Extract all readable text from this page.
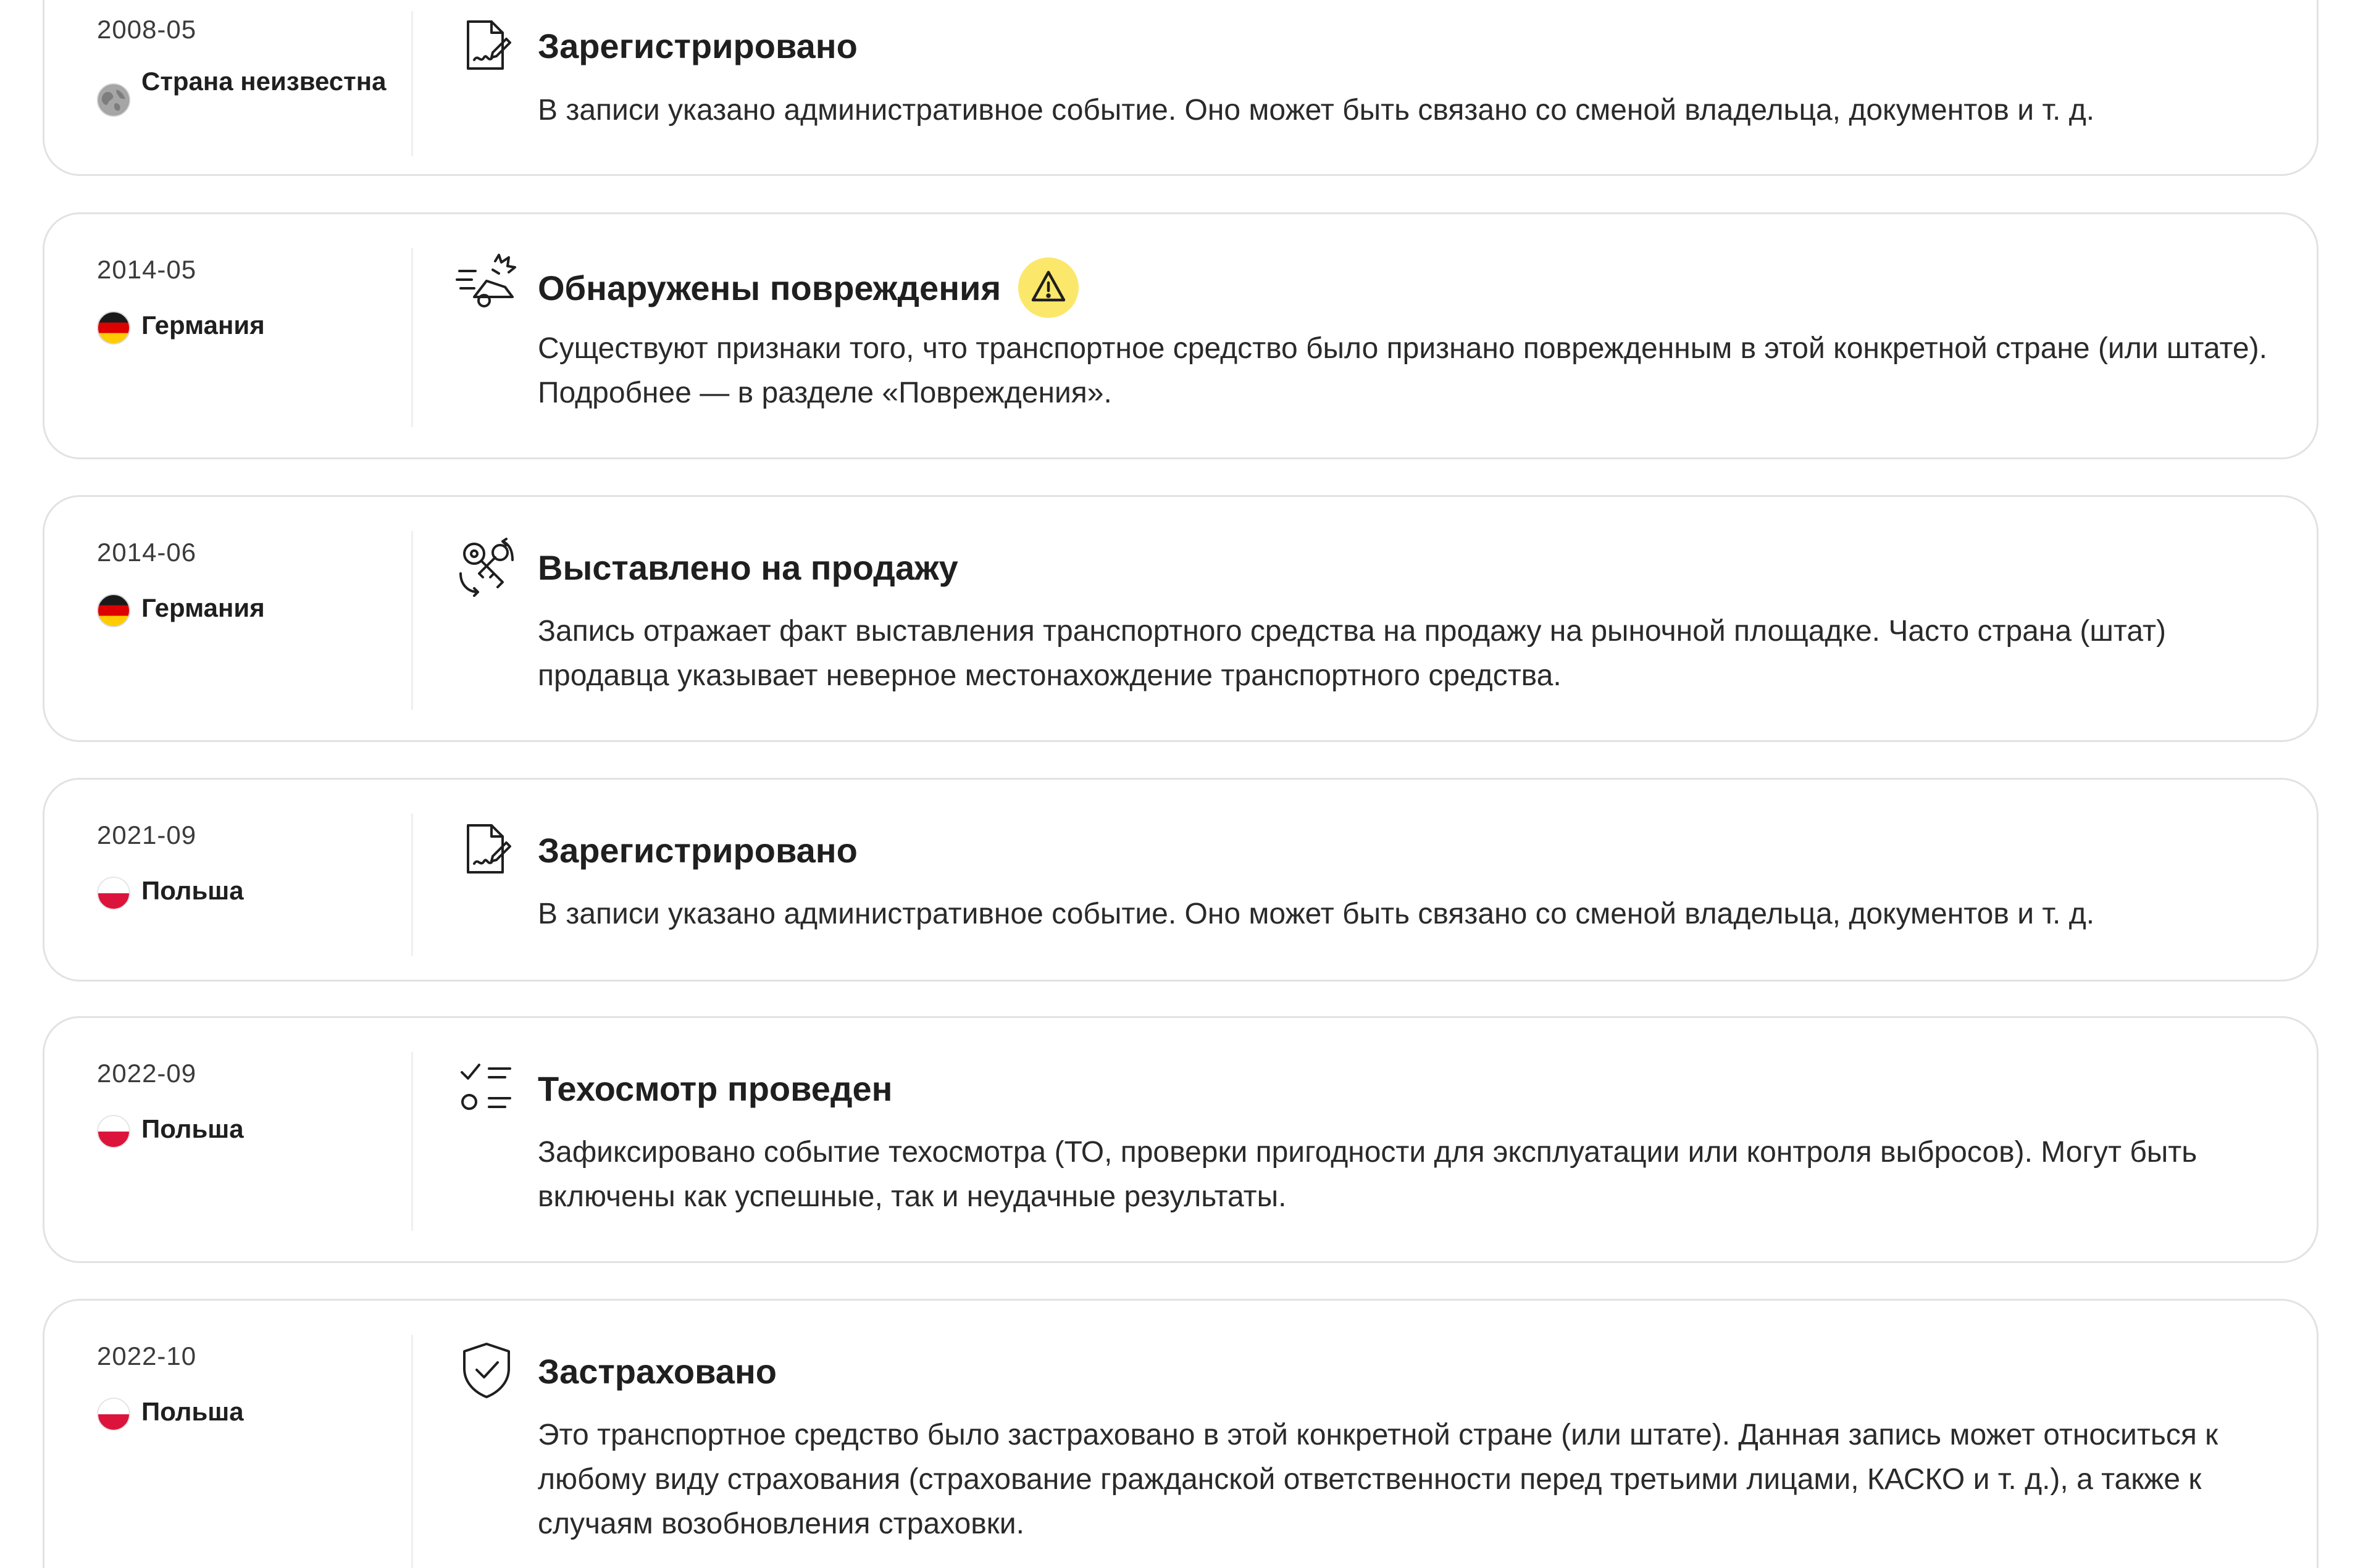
2008-05
Страна неизвестна
Зарегистрировано
В записи указано административное событие. Оно может быть связано со сменой владельца, документов и т. д.
2014-05
Германия
Обнаружены повреждения
Существуют признаки того, что транспортное средство было признано поврежденным в этой конкретной стране (или штате). Подробнее — в разделе «Повреждения».
2014-06
Германия
Выставлено на продажу
Запись отражает факт выставления транспортного средства на продажу на рыночной площадке. Часто страна (штат) продавца указывает неверное местонахождение транспортного средства.
2021-09
Польша
Зарегистрировано
В записи указано административное событие. Оно может быть связано со сменой владельца, документов и т. д.
2022-09
Польша
Техосмотр проведен
Зафиксировано событие техосмотра (ТО, проверки пригодности для эксплуатации или контроля выбросов). Могут быть включены как успешные, так и неудачные результаты.
2022-10
Польша
Застраховано
Это транспортное средство было застраховано в этой конкретной стране (или штате). Данная запись может относиться к любому виду страхования (страхование гражданской ответственности перед третьими лицами, КАСКО и т. д.), а также к случаям возобновления страховки.
